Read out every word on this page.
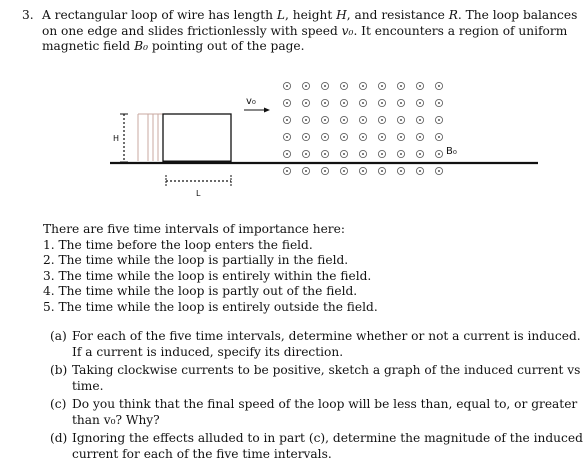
3. A rectangular loop of wire has length L, height H, and resistance R. The loop balances
on one edge and slides frictionlessly with speed v₀. It encounters a region of uniform
magnetic field B₀ pointing out of the page.
H
L
v₀
B₀
There are five time intervals of importance here:
1. The time before the loop enters the field.
2. The time while the loop is partially in the field.
3. The time while the loop is entirely within the field.
4. The time while the loop is partly out of the field.
5. The time while the loop is entirely outside the field.
(a) For each of the five time intervals, determine whether or not a current is induced.
If a current is induced, specify its direction.
(b) Taking clockwise currents to be positive, sketch a graph of the induced current vs
time.
(c) Do you think that the final speed of the loop will be less than, equal to, or greater
than v₀? Why?
(d) Ignoring the effects alluded to in part (c), determine the magnitude of the induced
current for each of the five time intervals.
